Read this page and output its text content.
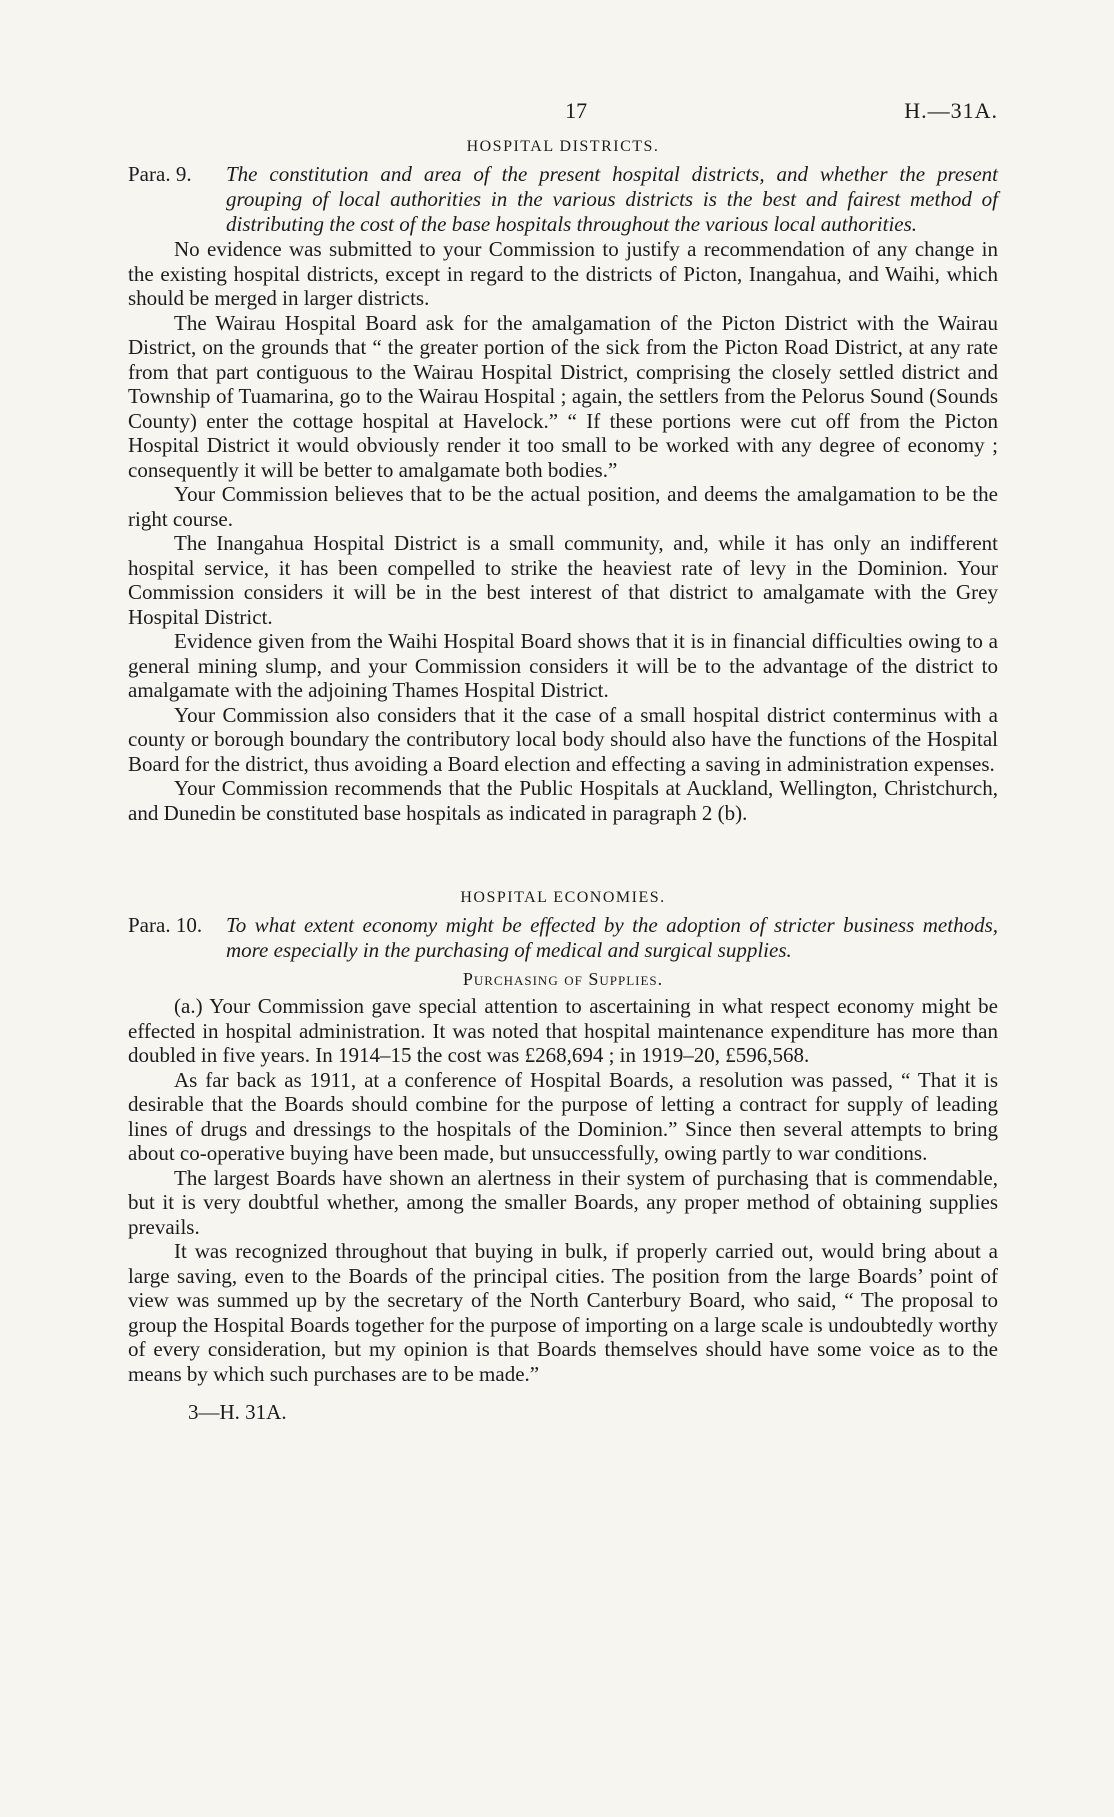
17	H.—31A.
HOSPITAL DISTRICTS.
Para. 9.	The constitution and area of the present hospital districts, and whether the present grouping of local authorities in the various districts is the best and fairest method of distributing the cost of the base hospitals throughout the various local authorities.

No evidence was submitted to your Commission to justify a recommendation of any change in the existing hospital districts, except in regard to the districts of Picton, Inangahua, and Waihi, which should be merged in larger districts.

The Wairau Hospital Board ask for the amalgamation of the Picton District with the Wairau District, on the grounds that “ the greater portion of the sick from the Picton Road District, at any rate from that part contiguous to the Wairau Hospital District, comprising the closely settled district and Township of Tuamarina, go to the Wairau Hospital ; again, the settlers from the Pelorus Sound (Sounds County) enter the cottage hospital at Havelock.” “ If these portions were cut off from the Picton Hospital District it would obviously render it too small to be worked with any degree of economy ; consequently it will be better to amalgamate both bodies.”

Your Commission believes that to be the actual position, and deems the amalgamation to be the right course.

The Inangahua Hospital District is a small community, and, while it has only an indifferent hospital service, it has been compelled to strike the heaviest rate of levy in the Dominion. Your Commission considers it will be in the best interest of that district to amalgamate with the Grey Hospital District.

Evidence given from the Waihi Hospital Board shows that it is in financial difficulties owing to a general mining slump, and your Commission considers it will be to the advantage of the district to amalgamate with the adjoining Thames Hospital District.

Your Commission also considers that it the case of a small hospital district conterminus with a county or borough boundary the contributory local body should also have the functions of the Hospital Board for the district, thus avoiding a Board election and effecting a saving in administration expenses.

Your Commission recommends that the Public Hospitals at Auckland, Wellington, Christchurch, and Dunedin be constituted base hospitals as indicated in paragraph 2 (b).

HOSPITAL ECONOMIES.
Para. 10.	To what extent economy might be effected by the adoption of stricter business methods, more especially in the purchasing of medical and surgical supplies.
Purchasing of Supplies.

(a.) Your Commission gave special attention to ascertaining in what respect economy might be effected in hospital administration. It was noted that hospital maintenance expenditure has more than doubled in five years. In 1914–15 the cost was £268,694 ; in 1919–20, £596,568.

As far back as 1911, at a conference of Hospital Boards, a resolution was passed, “ That it is desirable that the Boards should combine for the purpose of letting a contract for supply of leading lines of drugs and dressings to the hospitals of the Dominion.” Since then several attempts to bring about co-operative buying have been made, but unsuccessfully, owing partly to war conditions.

The largest Boards have shown an alertness in their system of purchasing that is commendable, but it is very doubtful whether, among the smaller Boards, any proper method of obtaining supplies prevails.

It was recognized throughout that buying in bulk, if properly carried out, would bring about a large saving, even to the Boards of the principal cities. The position from the large Boards’ point of view was summed up by the secretary of the North Canterbury Board, who said, “ The proposal to group the Hospital Boards together for the purpose of importing on a large scale is undoubtedly worthy of every consideration, but my opinion is that Boards themselves should have some voice as to the means by which such purchases are to be made.”

3—H. 31A.
